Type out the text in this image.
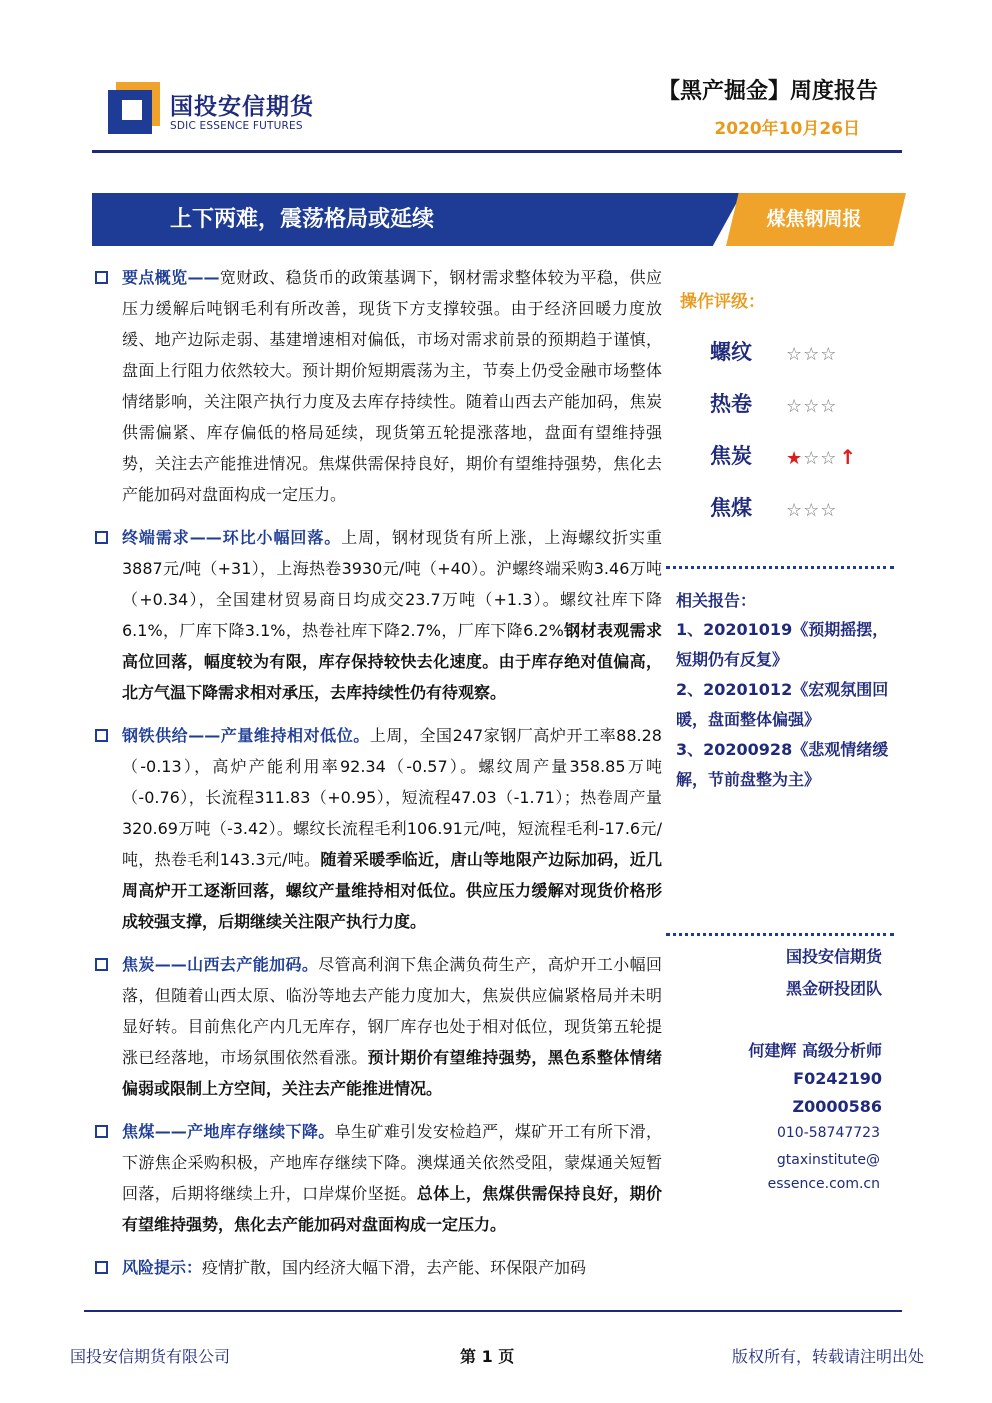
国投安信期货
SDIC ESSENCE FUTURES
【黑产掘金】周度报告
2020年10月26日
上下两难，震荡格局或延续	煤焦钢周报
要点概览——宽财政、稳货币的政策基调下，钢材需求整体较为平稳，供应压力缓解后吨钢毛利有所改善，现货下方支撑较强。由于经济回暖力度放缓、地产边际走弱、基建增速相对偏低，市场对需求前景的预期趋于谨慎，盘面上行阻力依然较大。预计期价短期震荡为主，节奏上仍受金融市场整体情绪影响，关注限产执行力度及去库存持续性。随着山西去产能加码，焦炭供需偏紧、库存偏低的格局延续，现货第五轮提涨落地，盘面有望维持强势，关注去产能推进情况。焦煤供需保持良好，期价有望维持强势，焦化去产能加码对盘面构成一定压力。
终端需求——环比小幅回落。上周，钢材现货有所上涨，上海螺纹折实重3887元/吨（+31），上海热卷3930元/吨（+40）。沪螺终端采购3.46万吨（+0.34），全国建材贸易商日均成交23.7万吨（+1.3）。螺纹社库下降6.1%，厂库下降3.1%，热卷社库下降2.7%，厂库下降6.2%钢材表观需求高位回落，幅度较为有限，库存保持较快去化速度。由于库存绝对值偏高，北方气温下降需求相对承压，去库持续性仍有待观察。
钢铁供给——产量维持相对低位。上周，全国247家钢厂高炉开工率88.28（-0.13），高炉产能利用率92.34（-0.57）。螺纹周产量358.85万吨（-0.76），长流程311.83（+0.95），短流程47.03（-1.71）；热卷周产量320.69万吨（-3.42）。螺纹长流程毛利106.91元/吨，短流程毛利-17.6元/吨，热卷毛利143.3元/吨。随着采暖季临近，唐山等地限产边际加码，近几周高炉开工逐渐回落，螺纹产量维持相对低位。供应压力缓解对现货价格形成较强支撑，后期继续关注限产执行力度。
焦炭——山西去产能加码。尽管高利润下焦企满负荷生产，高炉开工小幅回落，但随着山西太原、临汾等地去产能力度加大，焦炭供应偏紧格局并未明显好转。目前焦化产内几无库存，钢厂库存也处于相对低位，现货第五轮提涨已经落地，市场氛围依然看涨。预计期价有望维持强势，黑色系整体情绪偏弱或限制上方空间，关注去产能推进情况。
焦煤——产地库存继续下降。阜生矿难引发安检趋严，煤矿开工有所下滑，下游焦企采购积极，产地库存继续下降。澳煤通关依然受阻，蒙煤通关短暂回落，后期将继续上升，口岸煤价坚挺。总体上，焦煤供需保持良好，期价有望维持强势，焦化去产能加码对盘面构成一定压力。
风险提示：疫情扩散，国内经济大幅下滑，去产能、环保限产加码
操作评级：
螺纹 ☆☆☆
热卷 ☆☆☆
焦炭 ★☆☆ ↑
焦煤 ☆☆☆
相关报告：
1、20201019《预期摇摆，短期仍有反复》
2、20201012《宏观氛围回暖，盘面整体偏强》
3、20200928《悲观情绪缓解，节前盘整为主》
国投安信期货
黑金研投团队
何建辉 高级分析师
F0242190
Z0000586
010-58747723
gtaxinstitute@
essence.com.cn
国投安信期货有限公司	第 1 页	版权所有，转载请注明出处
